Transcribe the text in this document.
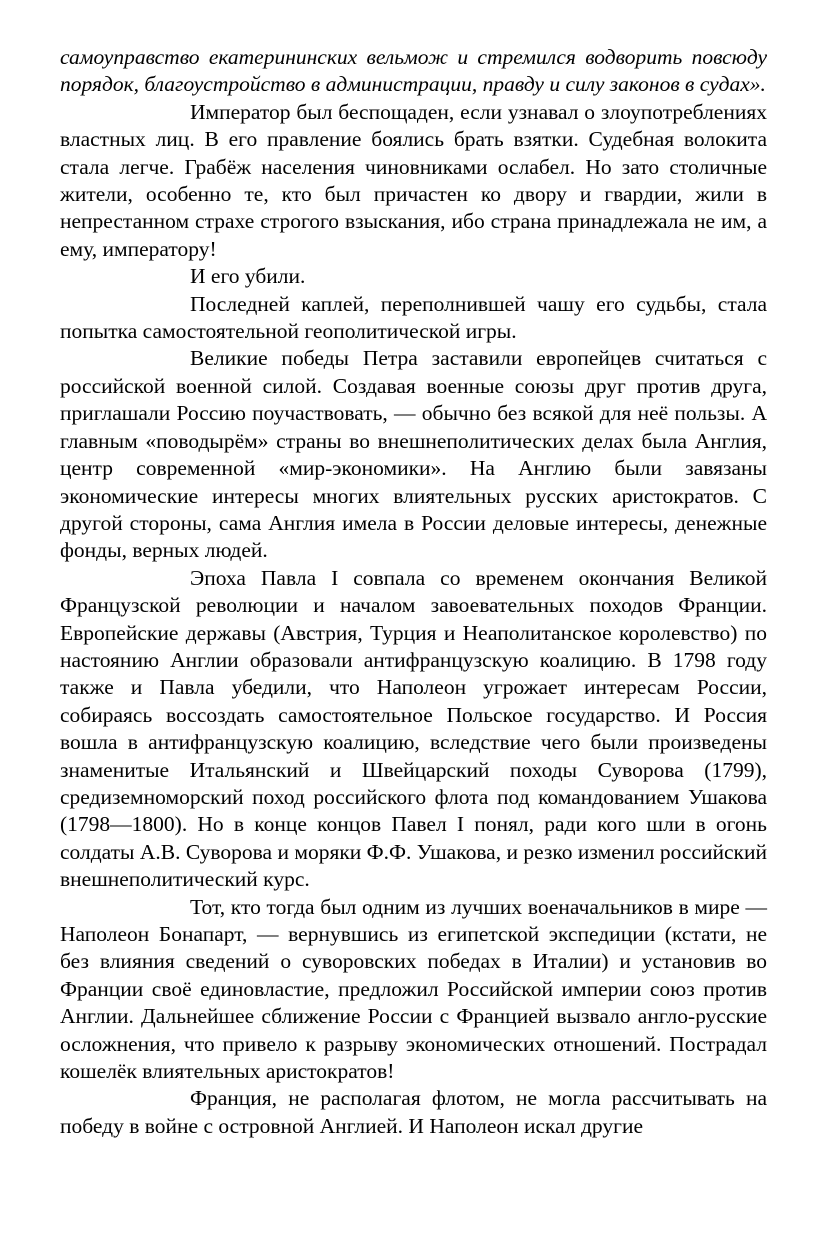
самоуправство екатерининских вельмож и стремился водворить повсюду порядок, благоустройство в администрации, правду и силу законов в судах».

Император был беспощаден, если узнавал о злоупотреблениях властных лиц. В его правление боялись брать взятки. Судебная волокита стала легче. Грабёж населения чиновниками ослабел. Но зато столичные жители, особенно те, кто был причастен ко двору и гвардии, жили в непрестанном страхе строгого взыскания, ибо страна принадлежала не им, а ему, императору!

И его убили.

Последней каплей, переполнившей чашу его судьбы, стала попытка самостоятельной геополитической игры.

Великие победы Петра заставили европейцев считаться с российской военной силой. Создавая военные союзы друг против друга, приглашали Россию поучаствовать, — обычно без всякой для неё пользы. А главным «поводырём» страны во внешнеполитических делах была Англия, центр современной «мир-экономики». На Англию были завязаны экономические интересы многих влиятельных русских аристократов. С другой стороны, сама Англия имела в России деловые интересы, денежные фонды, верных людей.

Эпоха Павла I совпала со временем окончания Великой Французской революции и началом завоевательных походов Франции. Европейские державы (Австрия, Турция и Неаполитанское королевство) по настоянию Англии образовали антифранцузскую коалицию. В 1798 году также и Павла убедили, что Наполеон угрожает интересам России, собираясь воссоздать самостоятельное Польское государство. И Россия вошла в антифранцузскую коалицию, вследствие чего были произведены знаменитые Итальянский и Швейцарский походы Суворова (1799), средиземноморский поход российского флота под командованием Ушакова (1798—1800). Но в конце концов Павел I понял, ради кого шли в огонь солдаты А.В. Суворова и моряки Ф.Ф. Ушакова, и резко изменил российский внешнеполитический курс.

Тот, кто тогда был одним из лучших военачальников в мире — Наполеон Бонапарт, — вернувшись из египетской экспедиции (кстати, не без влияния сведений о суворовских победах в Италии) и установив во Франции своё единовластие, предложил Российской империи союз против Англии. Дальнейшее сближение России с Францией вызвало англо-русские осложнения, что привело к разрыву экономических отношений. Пострадал кошелёк влиятельных аристократов!

Франция, не располагая флотом, не могла рассчитывать на победу в войне с островной Англией. И Наполеон искал другие
